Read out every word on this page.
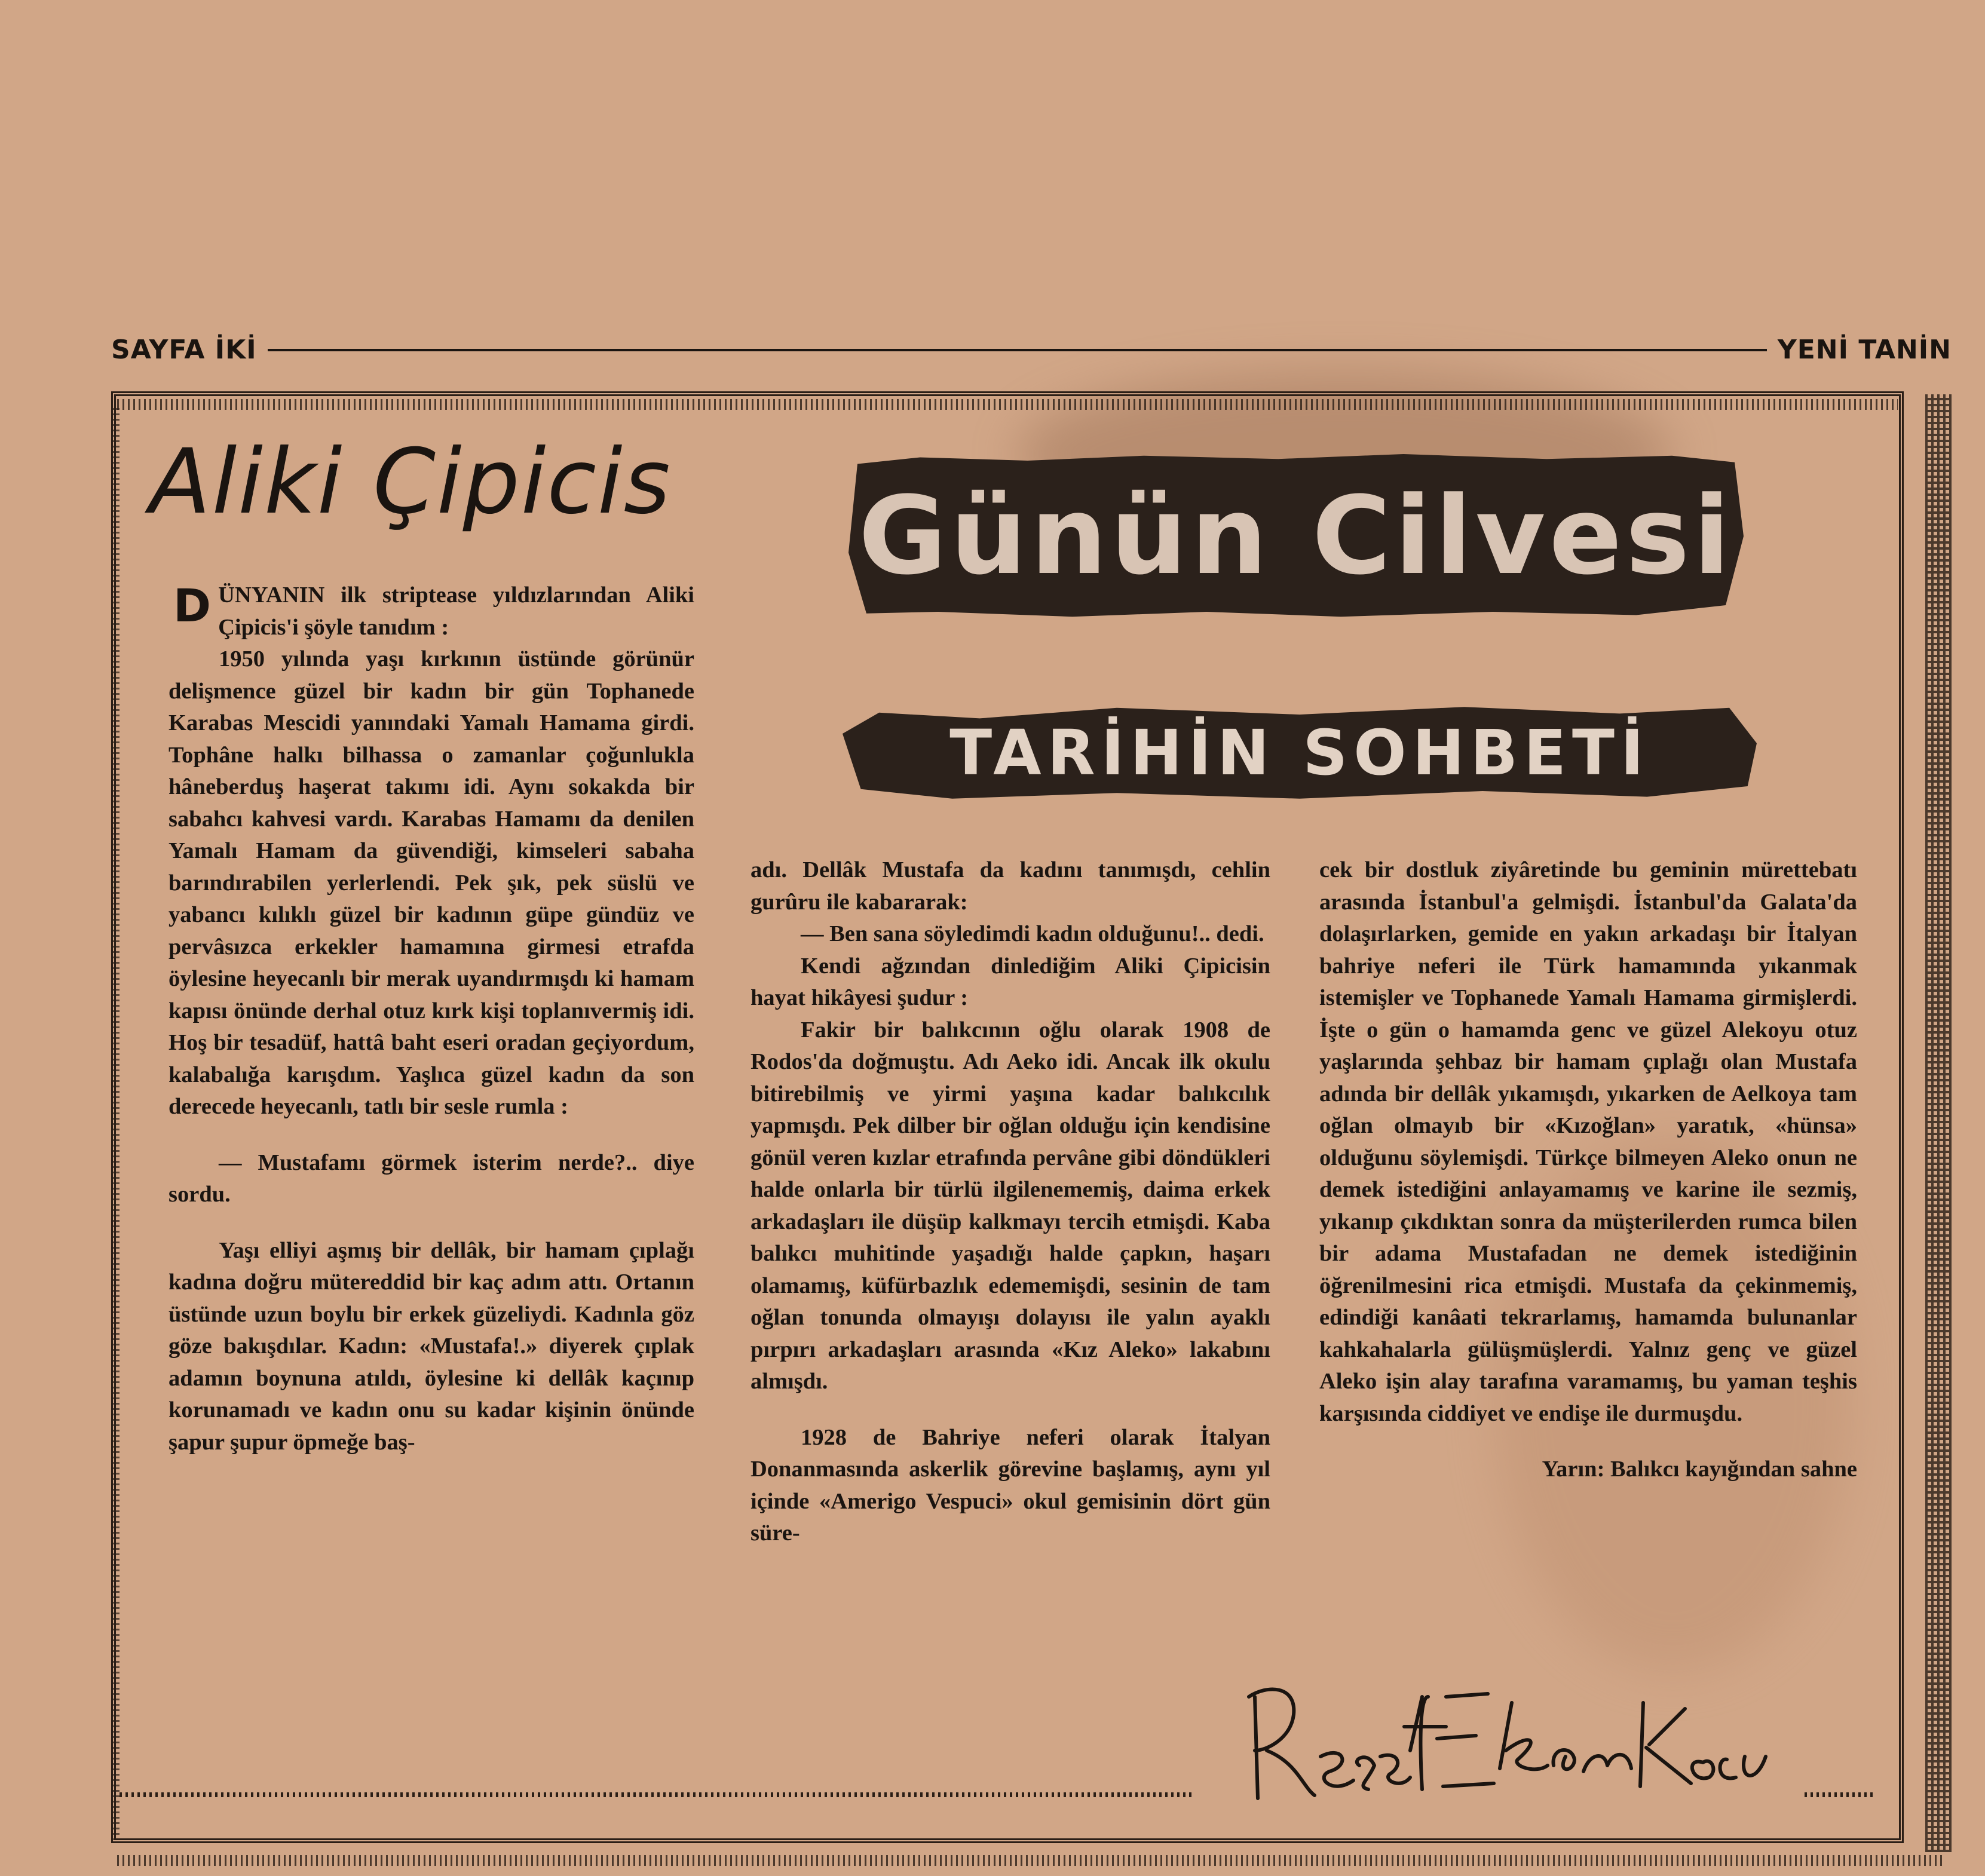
SAYFA İKİ	YENİ TANİN
Aliki Çipicis Günün Cilvesi
TARİHİN SOHBETİ

DÜNYANIN ilk striptease yıldızlarından Aliki Çipicis'i şöyle tanıdım :

1950 yılında yaşı kırkının üstünde görünür delişmence güzel bir kadın bir gün Tophanede Karabas Mescidi yanındaki Yamalı Hamama girdi. Tophâne halkı bilhassa o zamanlar çoğunlukla hâneberduş haşerat takımı idi. Aynı sokakda bir sabahcı kahvesi vardı. Karabas Hamamı da denilen Yamalı Hamam da güvendiği, kimseleri sabaha barındırabilen yerlerlendi. Pek şık, pek süslü ve yabancı kılıklı güzel bir kadının güpe gündüz ve pervâsızca erkekler hamamına girmesi etrafda öylesine heyecanlı bir merak uyandırmışdı ki hamam kapısı önünde derhal otuz kırk kişi toplanıvermiş idi. Hoş bir tesadüf, hattâ baht eseri oradan geçiyordum, kalabalığa karışdım. Yaşlıca güzel kadın da son derecede heyecanlı, tatlı bir sesle rumla :

— Mustafamı görmek isterim nerde?.. diye sordu.

Yaşı elliyi aşmış bir dellâk, bir hamam çıplağı kadına doğru mütereddid bir kaç adım attı. Ortanın üstünde uzun boylu bir erkek güzeliydi. Kadınla göz göze bakışdılar. Kadın: «Mustafa!.» diyerek çıplak adamın boynuna atıldı, öylesine ki dellâk kaçınıp korunamadı ve kadın onu su kadar kişinin önünde şapur şupur öpmeğe baş-

adı. Dellâk Mustafa da kadını tanımışdı, cehlin gurûru ile kabararak:

— Ben sana söyledimdi kadın olduğunu!.. dedi.

Kendi ağzından dinlediğim Aliki Çipicisin hayat hikâyesi şudur :

Fakir bir balıkcının oğlu olarak 1908 de Rodos'da doğmuştu. Adı Aeko idi. Ancak ilk okulu bitirebilmiş ve yirmi yaşına kadar balıkcılık yapmışdı. Pek dilber bir oğlan olduğu için kendisine gönül veren kızlar etrafında pervâne gibi döndükleri halde onlarla bir türlü ilgilenememiş, daima erkek arkadaşları ile düşüp kalkmayı tercih etmişdi. Kaba balıkcı muhitinde yaşadığı halde çapkın, haşarı olamamış, küfürbazlık edememişdi, sesinin de tam oğlan tonunda olmayışı dolayısı ile yalın ayaklı pırpırı arkadaşları arasında «Kız Aleko» lakabını almışdı.

1928 de Bahriye neferi olarak İtalyan Donanmasında askerlik görevine başlamış, aynı yıl içinde «Amerigo Vespuci» okul gemisinin dört gün süre-

cek bir dostluk ziyâretinde bu geminin mürettebatı arasında İstanbul'a gelmişdi. İstanbul'da Galata'da dolaşırlarken, gemide en yakın arkadaşı bir İtalyan bahriye neferi ile Türk hamamında yıkanmak istemişler ve Tophanede Yamalı Hamama girmişlerdi. İşte o gün o hamamda genc ve güzel Alekoyu otuz yaşlarında şehbaz bir hamam çıplağı olan Mustafa adında bir dellâk yıkamışdı, yıkarken de Aelkoya tam oğlan olmayıb bir «Kızoğlan» yaratık, «hünsa» olduğunu söylemişdi. Türkçe bilmeyen Aleko onun ne demek istediğini anlayamamış ve karine ile sezmiş, yıkanıp çıkdıktan sonra da müşterilerden rumca bilen bir adama Mustafadan ne demek istediğinin öğrenilmesini rica etmişdi. Mustafa da çekinmemiş, edindiği kanâati tekrarlamış, hamamda bulunanlar kahkahalarla gülüşmüşlerdi. Yalnız genç ve güzel Aleko işin alay tarafına varamamış, bu yaman teşhis karşısında ciddiyet ve endişe ile durmuşdu.

Yarın: Balıkcı kayığından sahne
